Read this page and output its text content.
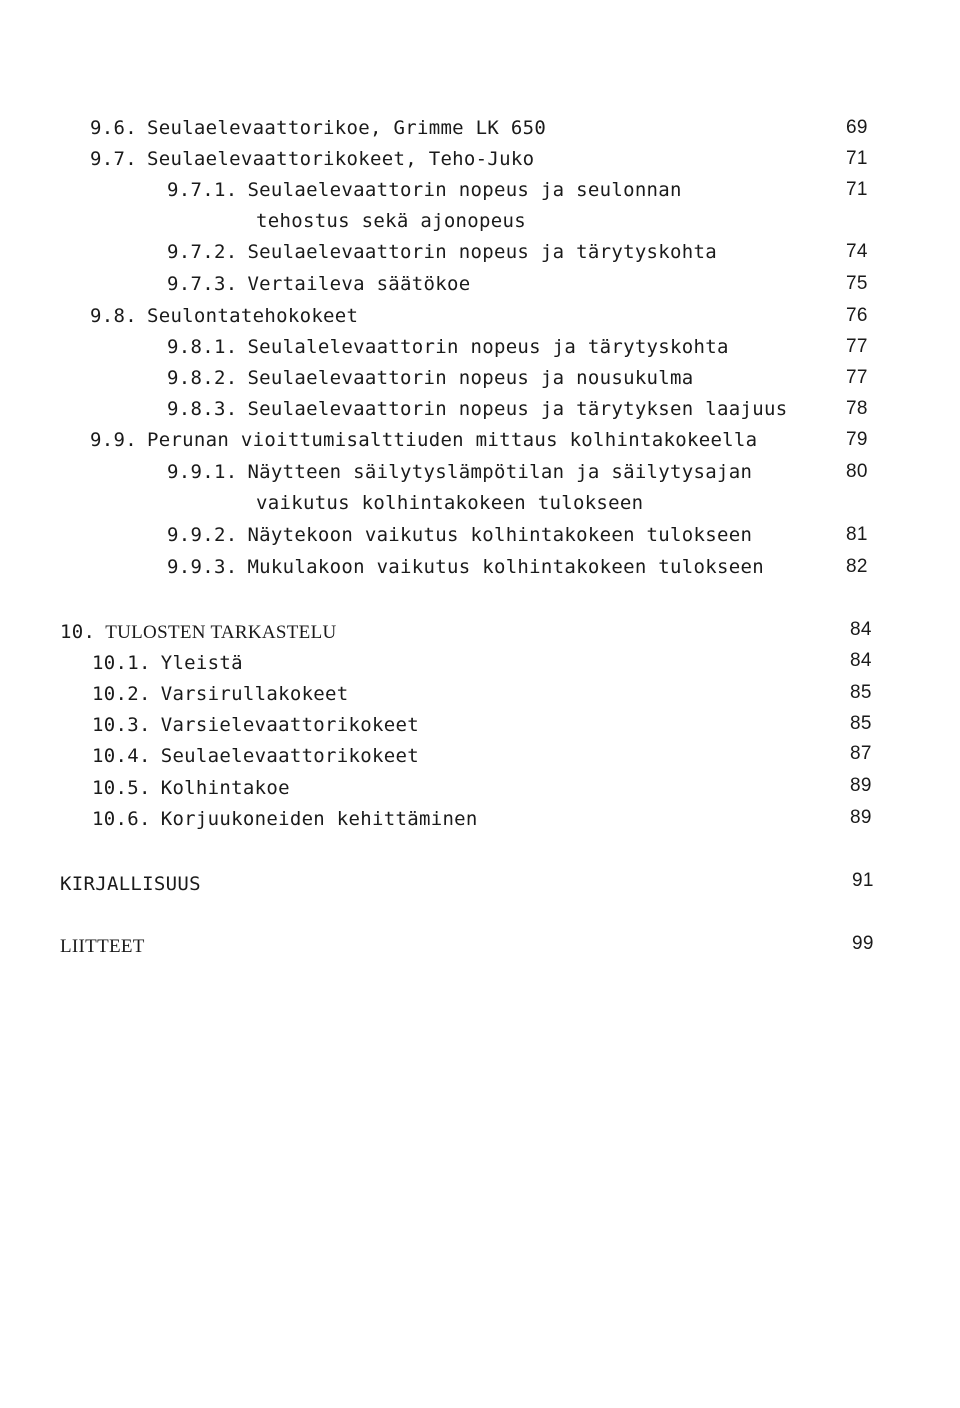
9.6. Seulaelevaattorikoe, Grimme LK 650	69
9.7. Seulaelevaattorikokeet, Teho-Juko	71
9.7.1. Seulaelevaattorin nopeus ja seulonnan	71
tehostus sekä ajonopeus
9.7.2. Seulaelevaattorin nopeus ja tärytyskohta	74
9.7.3. Vertaileva säätökoe	75
9.8. Seulontatehokokeet	76
9.8.1. Seulalelevaattorin nopeus ja tärytyskohta	77
9.8.2. Seulaelevaattorin nopeus ja nousukulma	77
9.8.3. Seulaelevaattorin nopeus ja tärytyksen laajuus	78
9.9. Perunan vioittumisalttiuden mittaus kolhintakokeella	79
9.9.1. Näytteen säilytyslämpötilan ja säilytysajan	80
vaikutus kolhintakokeen tulokseen
9.9.2. Näytekoon vaikutus kolhintakokeen tulokseen	81
9.9.3. Mukulakoon vaikutus kolhintakokeen tulokseen	82
10. TULOSTEN TARKASTELU	84
10.1. Yleistä	84
10.2. Varsirullakokeet	85
10.3. Varsielevaattorikokeet	85
10.4. Seulaelevaattorikokeet	87
10.5. Kolhintakoe	89
10.6. Korjuukoneiden kehittäminen	89
KIRJALLISUUS	91
LIITTEET	99
